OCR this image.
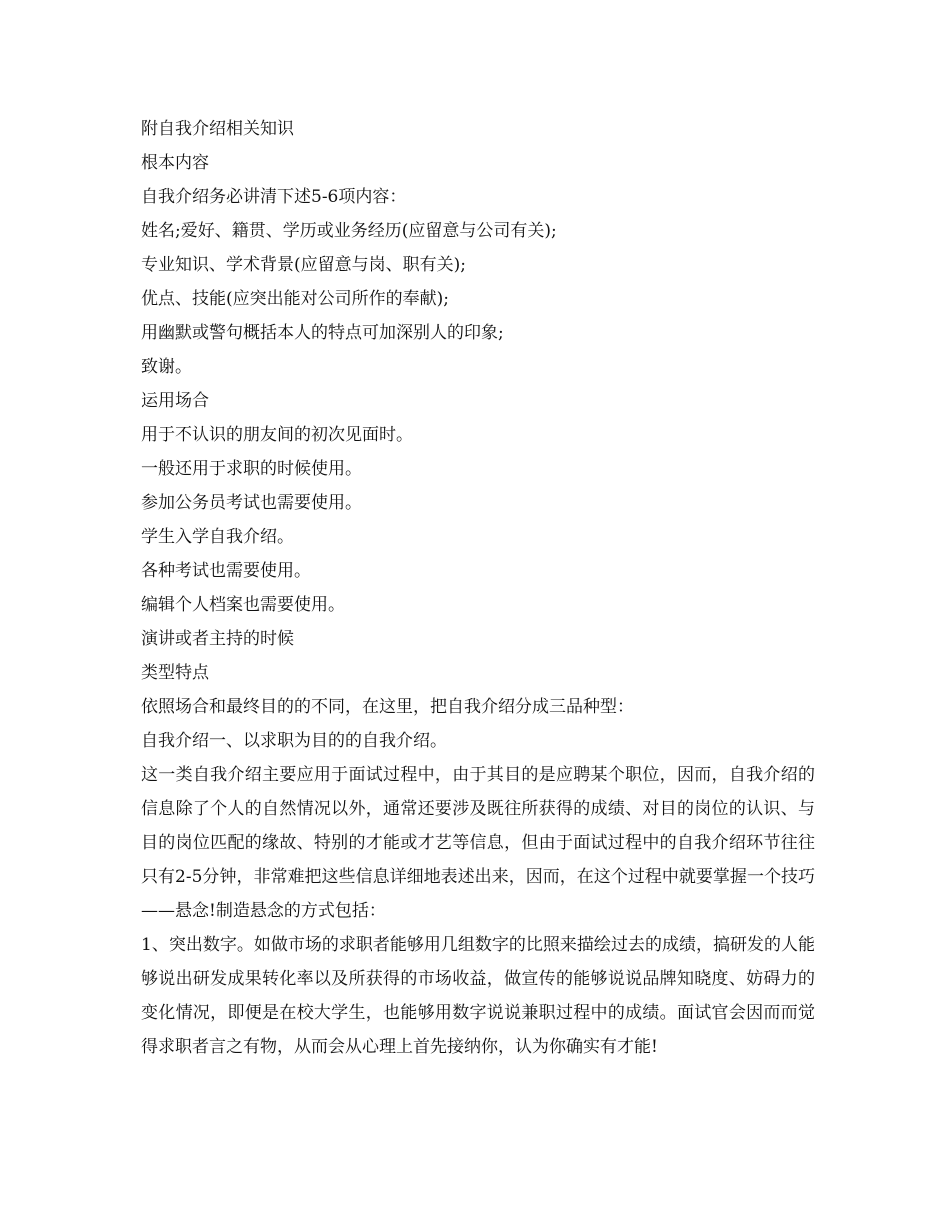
附自我介绍相关知识
根本内容
自我介绍务必讲清下述5-6项内容：
姓名;爱好、籍贯、学历或业务经历(应留意与公司有关);
专业知识、学术背景(应留意与岗、职有关);
优点、技能(应突出能对公司所作的奉献);
用幽默或警句概括本人的特点可加深别人的印象;
致谢。
运用场合
用于不认识的朋友间的初次见面时。
一般还用于求职的时候使用。
参加公务员考试也需要使用。
学生入学自我介绍。
各种考试也需要使用。
编辑个人档案也需要使用。
演讲或者主持的时候
类型特点
依照场合和最终目的的不同，在这里，把自我介绍分成三品种型：
自我介绍一、以求职为目的的自我介绍。
这一类自我介绍主要应用于面试过程中，由于其目的是应聘某个职位，因而，自我介绍的信息除了个人的自然情况以外，通常还要涉及既往所获得的成绩、对目的岗位的认识、与目的岗位匹配的缘故、特别的才能或才艺等信息，但由于面试过程中的自我介绍环节往往只有2-5分钟，非常难把这些信息详细地表述出来，因而，在这个过程中就要掌握一个技巧——悬念!制造悬念的方式包括：
1、突出数字。如做市场的求职者能够用几组数字的比照来描绘过去的成绩，搞研发的人能够说出研发成果转化率以及所获得的市场收益，做宣传的能够说说品牌知晓度、妨碍力的变化情况，即便是在校大学生，也能够用数字说说兼职过程中的成绩。面试官会因而而觉得求职者言之有物，从而会从心理上首先接纳你，认为你确实有才能!
